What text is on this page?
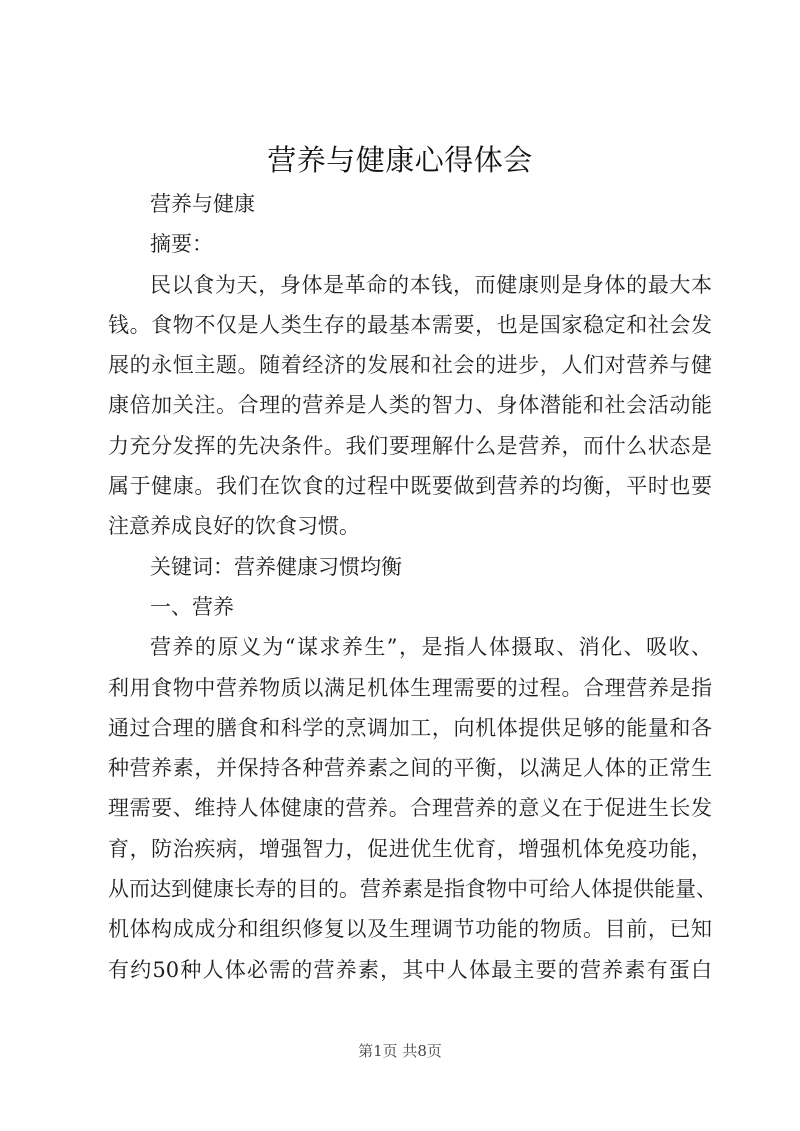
营养与健康心得体会
营养与健康
摘要：
民以食为天，身体是革命的本钱，而健康则是身体的最大本
钱。食物不仅是人类生存的最基本需要，也是国家稳定和社会发
展的永恒主题。随着经济的发展和社会的进步，人们对营养与健
康倍加关注。合理的营养是人类的智力、身体潜能和社会活动能
力充分发挥的先决条件。我们要理解什么是营养，而什么状态是
属于健康。我们在饮食的过程中既要做到营养的均衡，平时也要
注意养成良好的饮食习惯。
关键词：营养健康习惯均衡
一、营养
营养的原义为“谋求养生”，是指人体摄取、消化、吸收、
利用食物中营养物质以满足机体生理需要的过程。合理营养是指
通过合理的膳食和科学的烹调加工，向机体提供足够的能量和各
种营养素，并保持各种营养素之间的平衡，以满足人体的正常生
理需要、维持人体健康的营养。合理营养的意义在于促进生长发
育，防治疾病，增强智力，促进优生优育，增强机体免疫功能，
从而达到健康长寿的目的。营养素是指食物中可给人体提供能量、
机体构成成分和组织修复以及生理调节功能的物质。目前，已知
有约50种人体必需的营养素，其中人体最主要的营养素有蛋白
第1页 共8页
